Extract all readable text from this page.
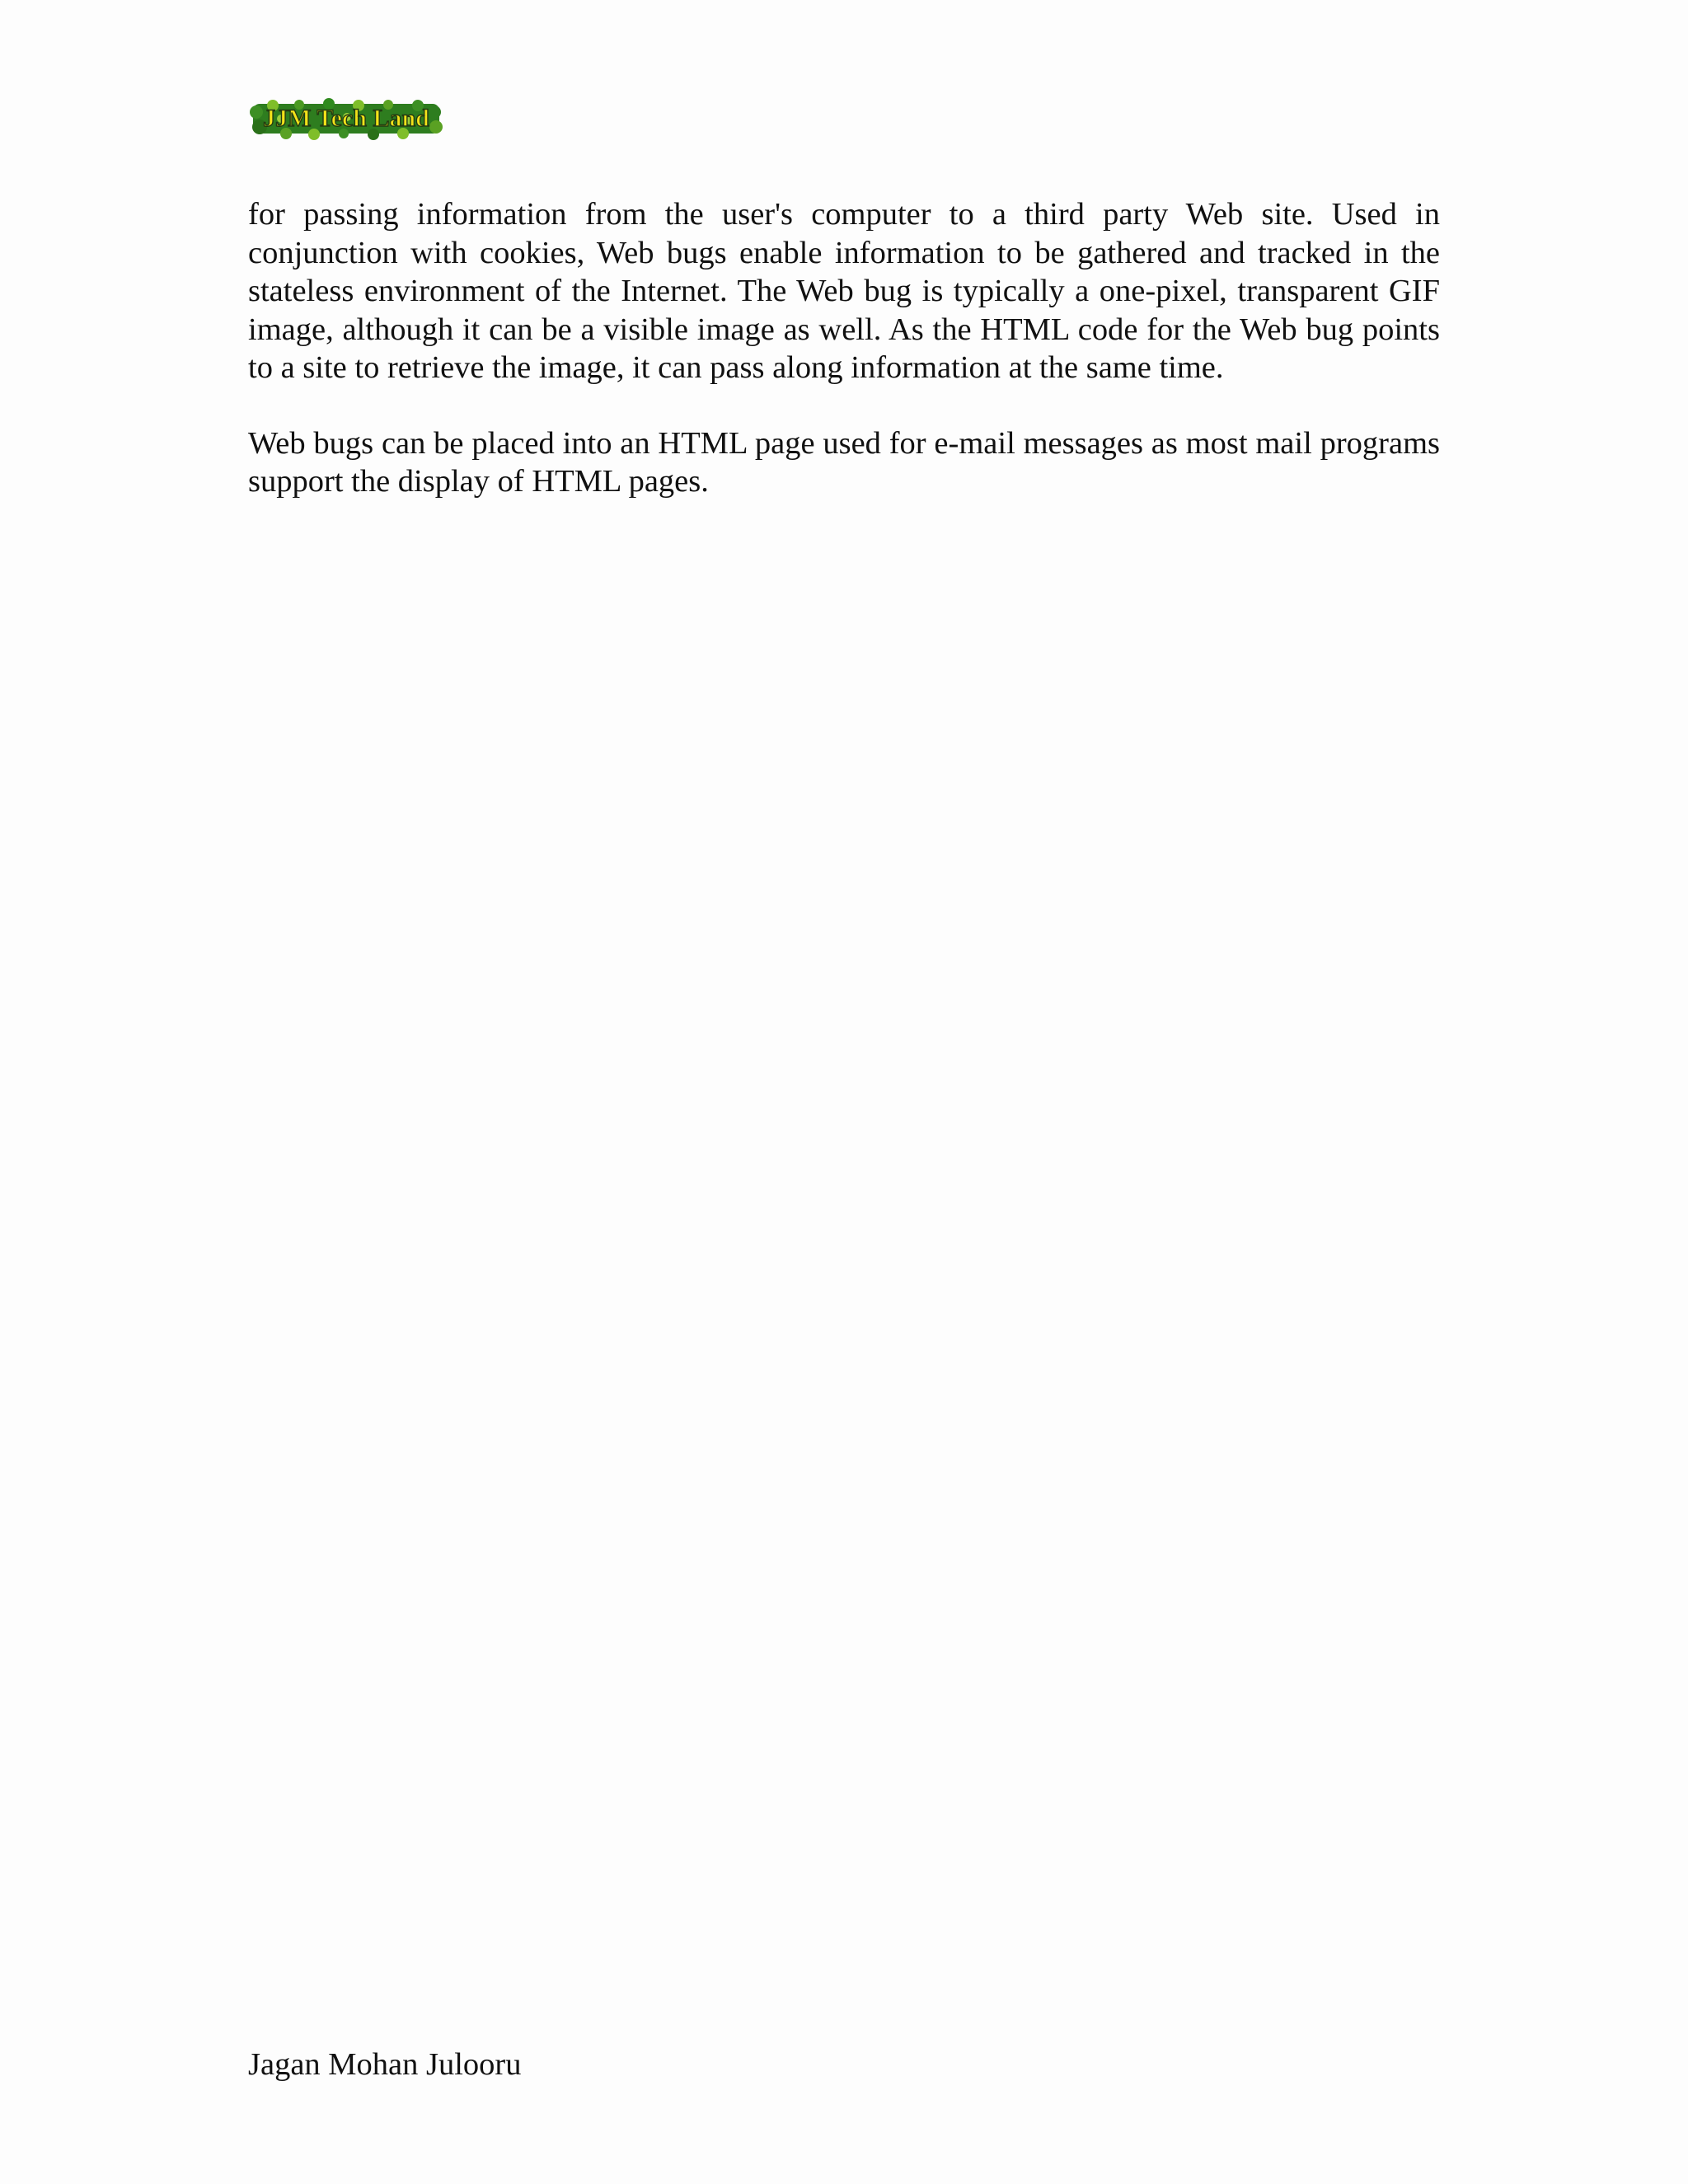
JJM Tech Land

for passing information from the user's computer to a third party Web site. Used in conjunction with cookies, Web bugs enable information to be gathered and tracked in the stateless environment of the Internet. The Web bug is typically a one-pixel, transparent GIF image, although it can be a visible image as well. As the HTML code for the Web bug points to a site to retrieve the image, it can pass along information at the same time.

Web bugs can be placed into an HTML page used for e-mail messages as most mail programs support the display of HTML pages.

Jagan Mohan Julooru
